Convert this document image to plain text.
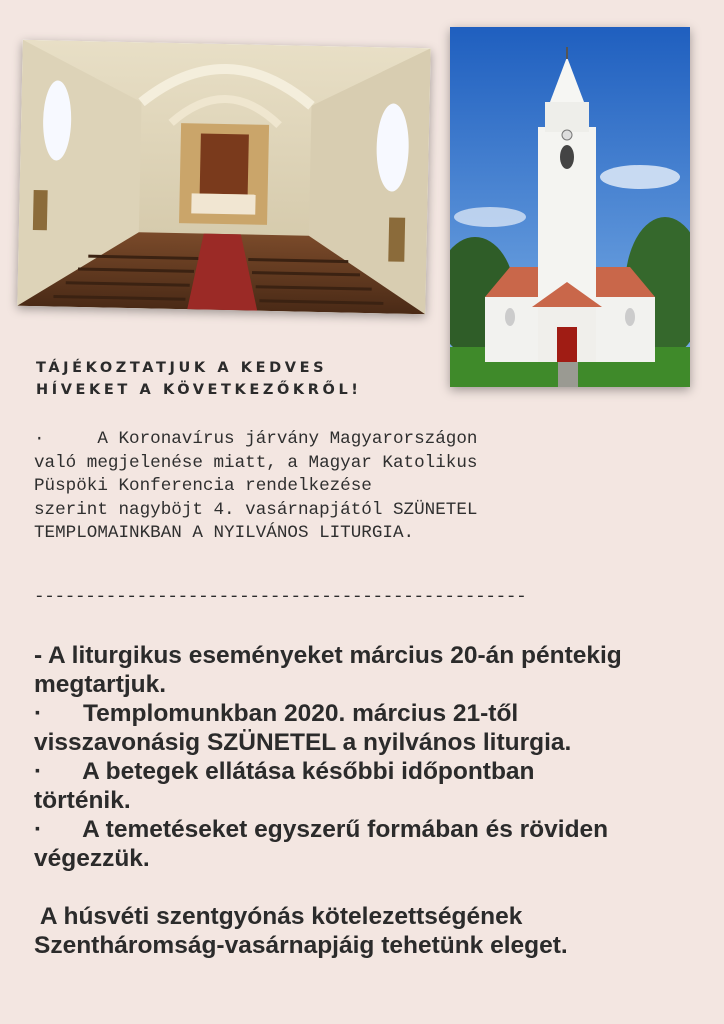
TÁJÉKOZTATJUK A KEDVES
HÍVEKET A KÖVETKEZŐKRŐL!
·     A Koronavírus járvány Magyarországon
való megjelenése miatt, a Magyar Katolikus
Püspöki Konferencia rendelkezése
szerint nagyböjt 4. vasárnapjától SZÜNETEL
TEMPLOMAINKBAN A NYILVÁNOS LITURGIA.
------------------------------------------------
- A liturgikus eseményeket március 20-án péntekig
megtartjuk.
·      Templomunkban 2020. március 21-től
visszavonásig SZÜNETEL a nyilvános liturgia.
·      A betegek ellátása későbbi időpontban
történik.
·      A temetéseket egyszerű formában és röviden
végezzük.
A húsvéti szentgyónás kötelezettségének
Szentháromság-vasárnapjáig tehetünk eleget.
